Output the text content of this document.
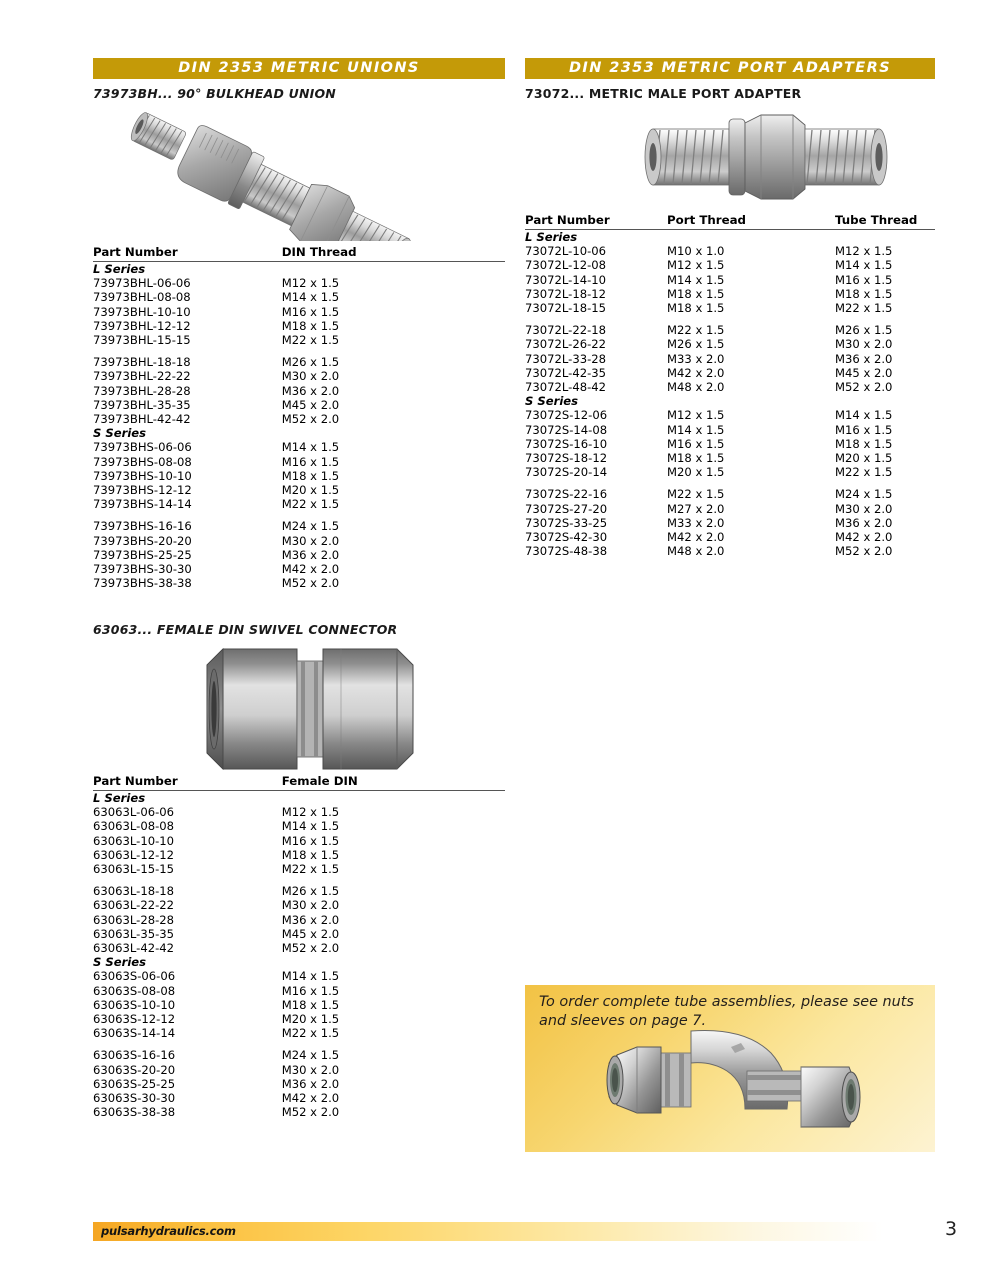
DIN 2353 METRIC UNIONS
73973BH... 90° BULKHEAD UNION
Part Number	DIN Thread
L Series	
73973BHL-06-06	M12 x 1.5
73973BHL-08-08	M14 x 1.5
73973BHL-10-10	M16 x 1.5
73973BHL-12-12	M18 x 1.5
73973BHL-15-15	M22 x 1.5

73973BHL-18-18	M26 x 1.5
73973BHL-22-22	M30 x 2.0
73973BHL-28-28	M36 x 2.0
73973BHL-35-35	M45 x 2.0
73973BHL-42-42	M52 x 2.0
S Series	
73973BHS-06-06	M14 x 1.5
73973BHS-08-08	M16 x 1.5
73973BHS-10-10	M18 x 1.5
73973BHS-12-12	M20 x 1.5
73973BHS-14-14	M22 x 1.5

73973BHS-16-16	M24 x 1.5
73973BHS-20-20	M30 x 2.0
73973BHS-25-25	M36 x 2.0
73973BHS-30-30	M42 x 2.0
73973BHS-38-38	M52 x 2.0
63063... FEMALE DIN SWIVEL CONNECTOR
Part Number	Female DIN
L Series	
63063L-06-06	M12 x 1.5
63063L-08-08	M14 x 1.5
63063L-10-10	M16 x 1.5
63063L-12-12	M18 x 1.5
63063L-15-15	M22 x 1.5

63063L-18-18	M26 x 1.5
63063L-22-22	M30 x 2.0
63063L-28-28	M36 x 2.0
63063L-35-35	M45 x 2.0
63063L-42-42	M52 x 2.0
S Series	
63063S-06-06	M14 x 1.5
63063S-08-08	M16 x 1.5
63063S-10-10	M18 x 1.5
63063S-12-12	M20 x 1.5
63063S-14-14	M22 x 1.5

63063S-16-16	M24 x 1.5
63063S-20-20	M30 x 2.0
63063S-25-25	M36 x 2.0
63063S-30-30	M42 x 2.0
63063S-38-38	M52 x 2.0
DIN 2353 METRIC PORT ADAPTERS
73072... METRIC MALE PORT ADAPTER
Part Number	Port Thread	Tube Thread
L Series		
73072L-10-06	M10 x 1.0	M12 x 1.5
73072L-12-08	M12 x 1.5	M14 x 1.5
73072L-14-10	M14 x 1.5	M16 x 1.5
73072L-18-12	M18 x 1.5	M18 x 1.5
73072L-18-15	M18 x 1.5	M22 x 1.5

73072L-22-18	M22 x 1.5	M26 x 1.5
73072L-26-22	M26 x 1.5	M30 x 2.0
73072L-33-28	M33 x 2.0	M36 x 2.0
73072L-42-35	M42 x 2.0	M45 x 2.0
73072L-48-42	M48 x 2.0	M52 x 2.0
S Series		
73072S-12-06	M12 x 1.5	M14 x 1.5
73072S-14-08	M14 x 1.5	M16 x 1.5
73072S-16-10	M16 x 1.5	M18 x 1.5
73072S-18-12	M18 x 1.5	M20 x 1.5
73072S-20-14	M20 x 1.5	M22 x 1.5

73072S-22-16	M22 x 1.5	M24 x 1.5
73072S-27-20	M27 x 2.0	M30 x 2.0
73072S-33-25	M33 x 2.0	M36 x 2.0
73072S-42-30	M42 x 2.0	M42 x 2.0
73072S-48-38	M48 x 2.0	M52 x 2.0
To order complete tube assemblies, please see nuts and sleeves on page 7.
pulsarhydraulics.com	3
